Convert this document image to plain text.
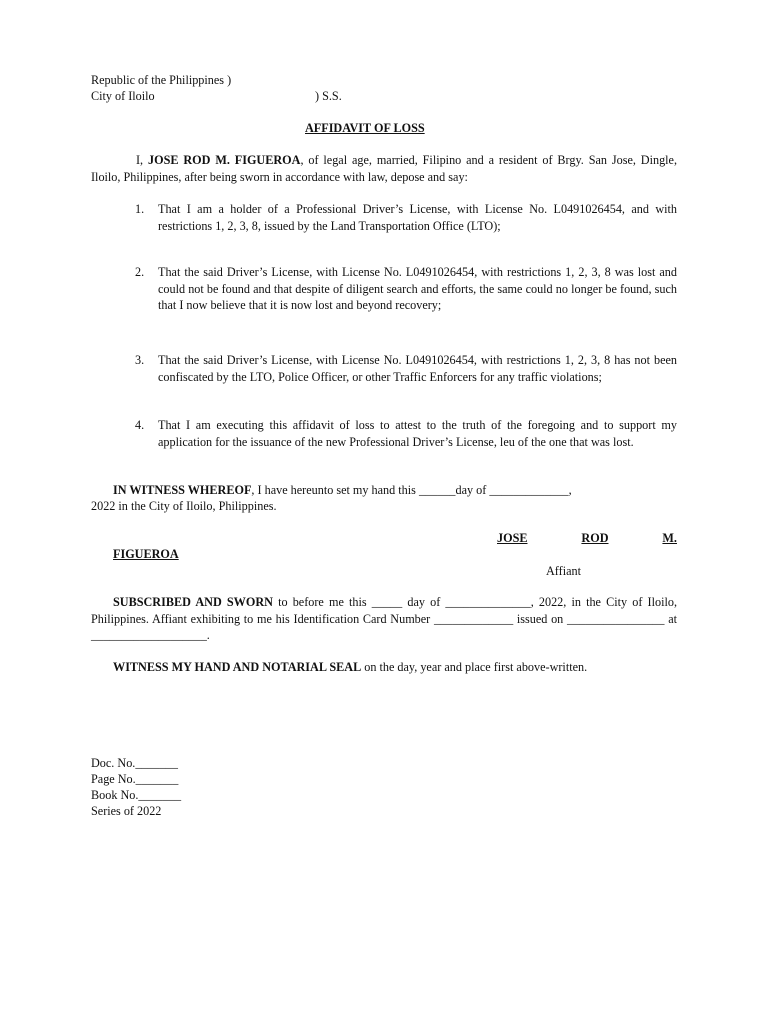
Republic of the Philippines )
City of Iloilo	) S.S.
AFFIDAVIT OF LOSS
I, JOSE ROD M. FIGUEROA, of legal age, married, Filipino and a resident of Brgy. San Jose, Dingle, Iloilo, Philippines, after being sworn in accordance with law, depose and say:
1. That I am a holder of a Professional Driver’s License, with License No. L0491026454, and with restrictions 1, 2, 3, 8, issued by the Land Transportation Office (LTO);
2. That the said Driver’s License, with License No. L0491026454, with restrictions 1, 2, 3, 8 was lost and could not be found and that despite of diligent search and efforts, the same could no longer be found, such that I now believe that it is now lost and beyond recovery;
3. That the said Driver’s License, with License No. L0491026454, with restrictions 1, 2, 3, 8 has not been confiscated by the LTO, Police Officer, or other Traffic Enforcers for any traffic violations;
4. That I am executing this affidavit of loss to attest to the truth of the foregoing and to support my application for the issuance of the new Professional Driver’s License, leu of the one that was lost.
IN WITNESS WHEREOF, I have hereunto set my hand this ______day of _____________,
2022 in the City of Iloilo, Philippines.
JOSE	ROD	M.
FIGUEROA
Affiant
SUBSCRIBED AND SWORN to before me this _____ day of ______________, 2022, in the City of Iloilo, Philippines. Affiant exhibiting to me his Identification Card Number _____________ issued on ________________ at ___________________.
WITNESS MY HAND AND NOTARIAL SEAL on the day, year and place first above-written.
Doc. No._______
Page No._______
Book No._______
Series of 2022
